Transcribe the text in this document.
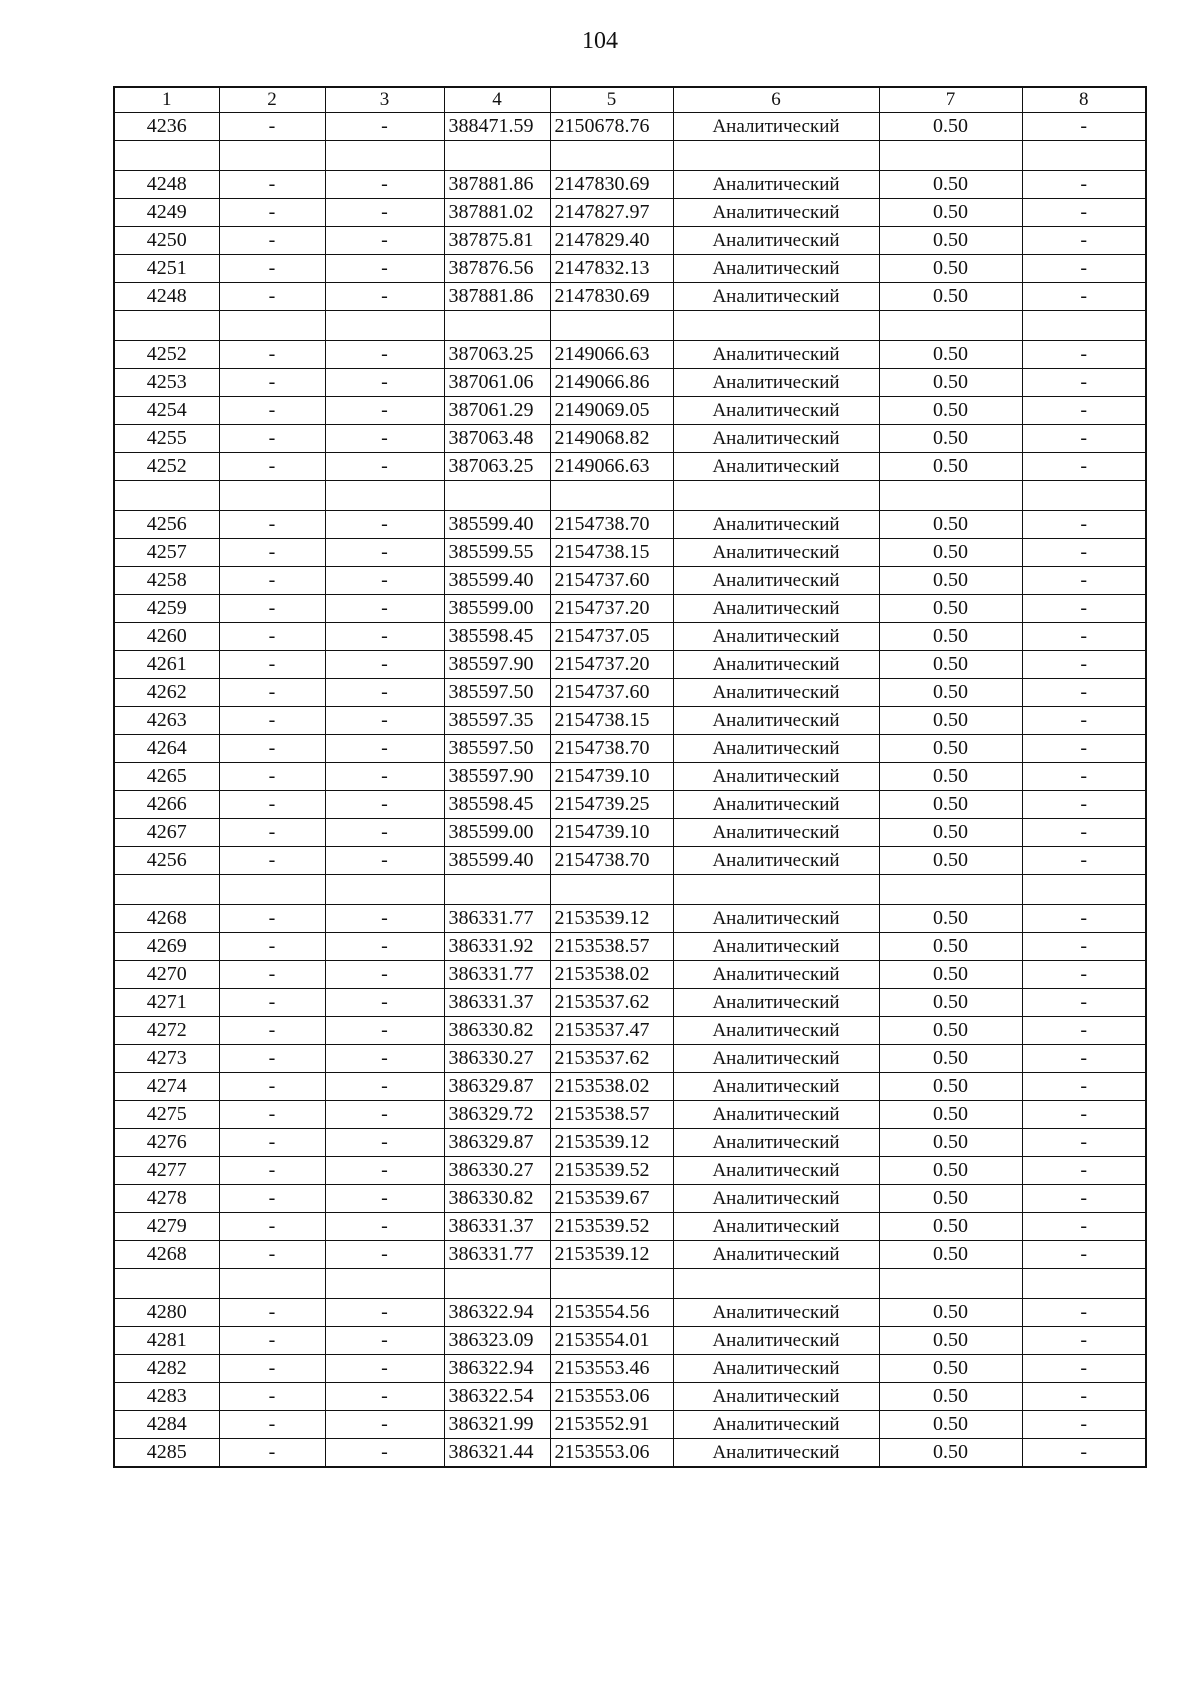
104
1	2	3	4	5	6	7	8
4236	-	-	388471.59	2150678.76	Аналитический	0.50	-

4248	-	-	387881.86	2147830.69	Аналитический	0.50	-
4249	-	-	387881.02	2147827.97	Аналитический	0.50	-
4250	-	-	387875.81	2147829.40	Аналитический	0.50	-
4251	-	-	387876.56	2147832.13	Аналитический	0.50	-
4248	-	-	387881.86	2147830.69	Аналитический	0.50	-

4252	-	-	387063.25	2149066.63	Аналитический	0.50	-
4253	-	-	387061.06	2149066.86	Аналитический	0.50	-
4254	-	-	387061.29	2149069.05	Аналитический	0.50	-
4255	-	-	387063.48	2149068.82	Аналитический	0.50	-
4252	-	-	387063.25	2149066.63	Аналитический	0.50	-

4256	-	-	385599.40	2154738.70	Аналитический	0.50	-
4257	-	-	385599.55	2154738.15	Аналитический	0.50	-
4258	-	-	385599.40	2154737.60	Аналитический	0.50	-
4259	-	-	385599.00	2154737.20	Аналитический	0.50	-
4260	-	-	385598.45	2154737.05	Аналитический	0.50	-
4261	-	-	385597.90	2154737.20	Аналитический	0.50	-
4262	-	-	385597.50	2154737.60	Аналитический	0.50	-
4263	-	-	385597.35	2154738.15	Аналитический	0.50	-
4264	-	-	385597.50	2154738.70	Аналитический	0.50	-
4265	-	-	385597.90	2154739.10	Аналитический	0.50	-
4266	-	-	385598.45	2154739.25	Аналитический	0.50	-
4267	-	-	385599.00	2154739.10	Аналитический	0.50	-
4256	-	-	385599.40	2154738.70	Аналитический	0.50	-

4268	-	-	386331.77	2153539.12	Аналитический	0.50	-
4269	-	-	386331.92	2153538.57	Аналитический	0.50	-
4270	-	-	386331.77	2153538.02	Аналитический	0.50	-
4271	-	-	386331.37	2153537.62	Аналитический	0.50	-
4272	-	-	386330.82	2153537.47	Аналитический	0.50	-
4273	-	-	386330.27	2153537.62	Аналитический	0.50	-
4274	-	-	386329.87	2153538.02	Аналитический	0.50	-
4275	-	-	386329.72	2153538.57	Аналитический	0.50	-
4276	-	-	386329.87	2153539.12	Аналитический	0.50	-
4277	-	-	386330.27	2153539.52	Аналитический	0.50	-
4278	-	-	386330.82	2153539.67	Аналитический	0.50	-
4279	-	-	386331.37	2153539.52	Аналитический	0.50	-
4268	-	-	386331.77	2153539.12	Аналитический	0.50	-

4280	-	-	386322.94	2153554.56	Аналитический	0.50	-
4281	-	-	386323.09	2153554.01	Аналитический	0.50	-
4282	-	-	386322.94	2153553.46	Аналитический	0.50	-
4283	-	-	386322.54	2153553.06	Аналитический	0.50	-
4284	-	-	386321.99	2153552.91	Аналитический	0.50	-
4285	-	-	386321.44	2153553.06	Аналитический	0.50	-
